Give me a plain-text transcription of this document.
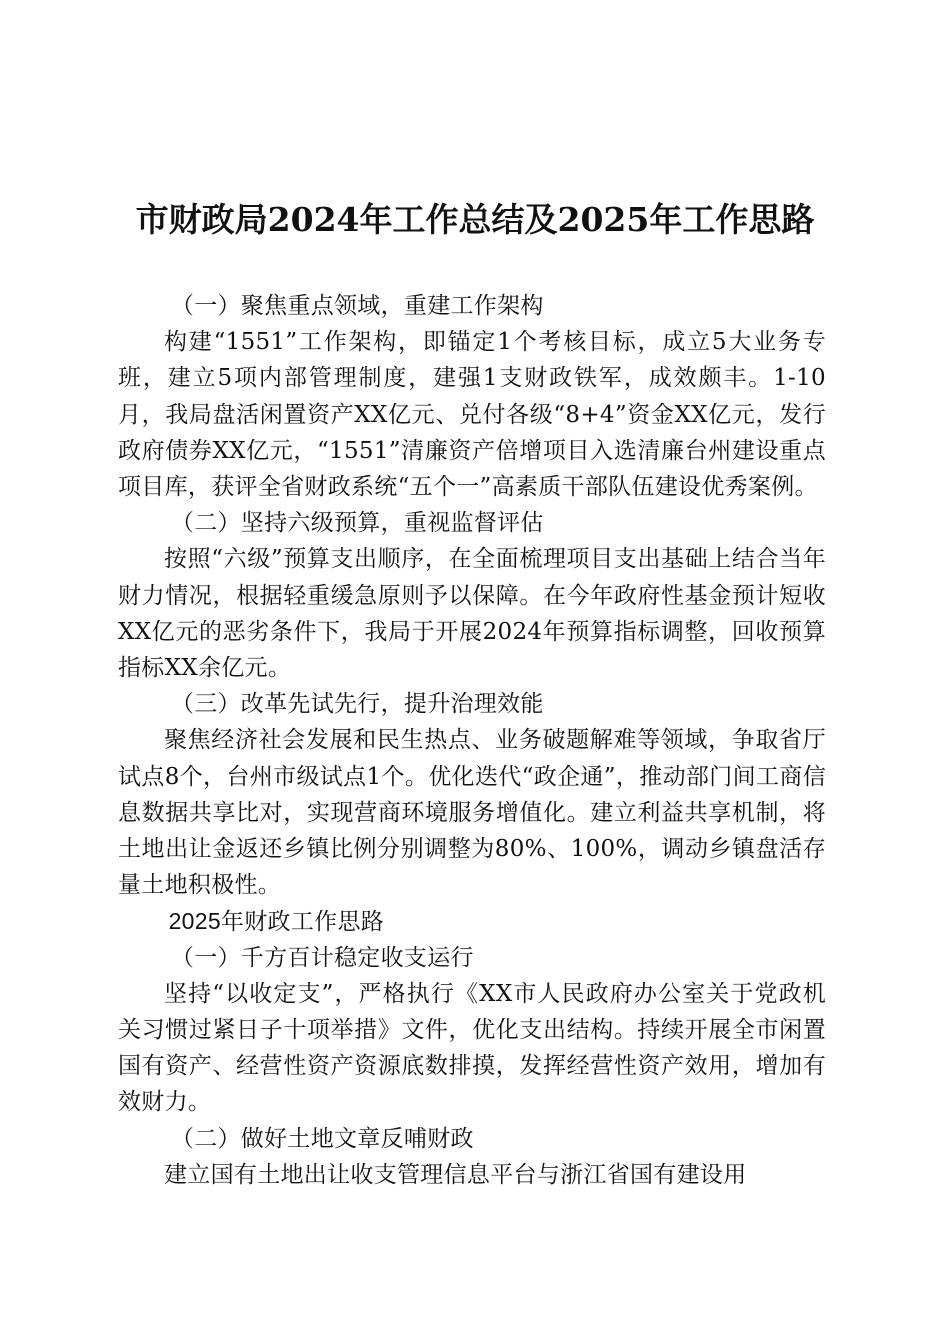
市财政局2024年工作总结及2025年工作思路

（一）聚焦重点领域，重建工作架构

构建“1551”工作架构，即锚定1个考核目标，成立5大业务专班，建立5项内部管理制度，建强1支财政铁军，成效颇丰。1-10月，我局盘活闲置资产XX亿元、兑付各级“8+4”资金XX亿元，发行政府债券XX亿元，“1551”清廉资产倍增项目入选清廉台州建设重点项目库，获评全省财政系统“五个一”高素质干部队伍建设优秀案例。

（二）坚持六级预算，重视监督评估

按照“六级”预算支出顺序，在全面梳理项目支出基础上结合当年财力情况，根据轻重缓急原则予以保障。在今年政府性基金预计短收XX亿元的恶劣条件下，我局于开展2024年预算指标调整，回收预算指标XX余亿元。

（三）改革先试先行，提升治理效能

聚焦经济社会发展和民生热点、业务破题解难等领域，争取省厅试点8个，台州市级试点1个。优化迭代“政企通”，推动部门间工商信息数据共享比对，实现营商环境服务增值化。建立利益共享机制，将土地出让金返还乡镇比例分别调整为80%、100%，调动乡镇盘活存量土地积极性。

2025年财政工作思路

（一）千方百计稳定收支运行

坚持“以收定支”，严格执行《XX市人民政府办公室关于党政机关习惯过紧日子十项举措》文件，优化支出结构。持续开展全市闲置国有资产、经营性资产资源底数排摸，发挥经营性资产效用，增加有效财力。

（二）做好土地文章反哺财政

建立国有土地出让收支管理信息平台与浙江省国有建设用
